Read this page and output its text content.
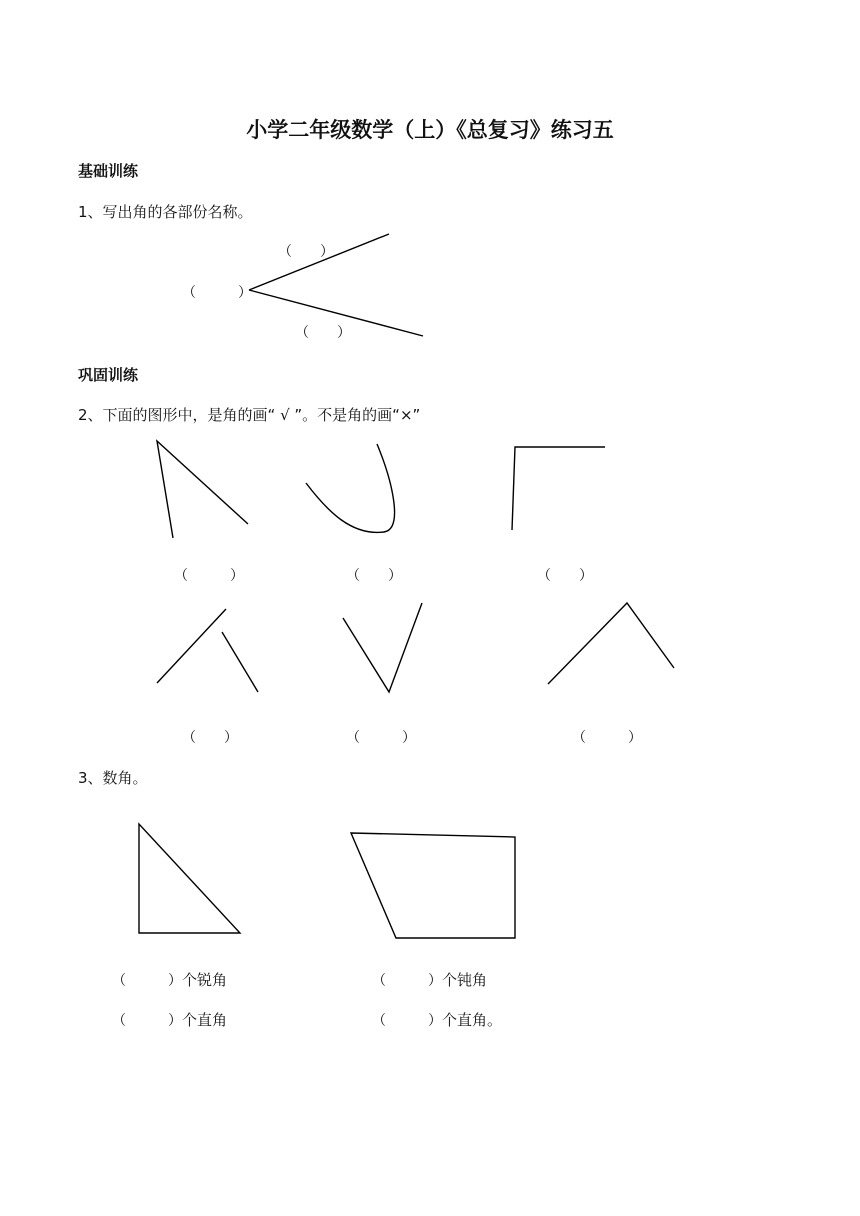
小学二年级数学（上）《总复习》练习五
基础训练
1、写出角的各部份名称。
（　　）
（　　　）
（　　）
巩固训练
2、下面的图形中，是角的画“ √ ”。不是角的画“×”
（　　　）	（　　）	（　　）
（　　）	（　　　）	（　　　）
3、数角。
（　　　）个锐角	（　　　）个钝角
（　　　）个直角	（　　　）个直角。
